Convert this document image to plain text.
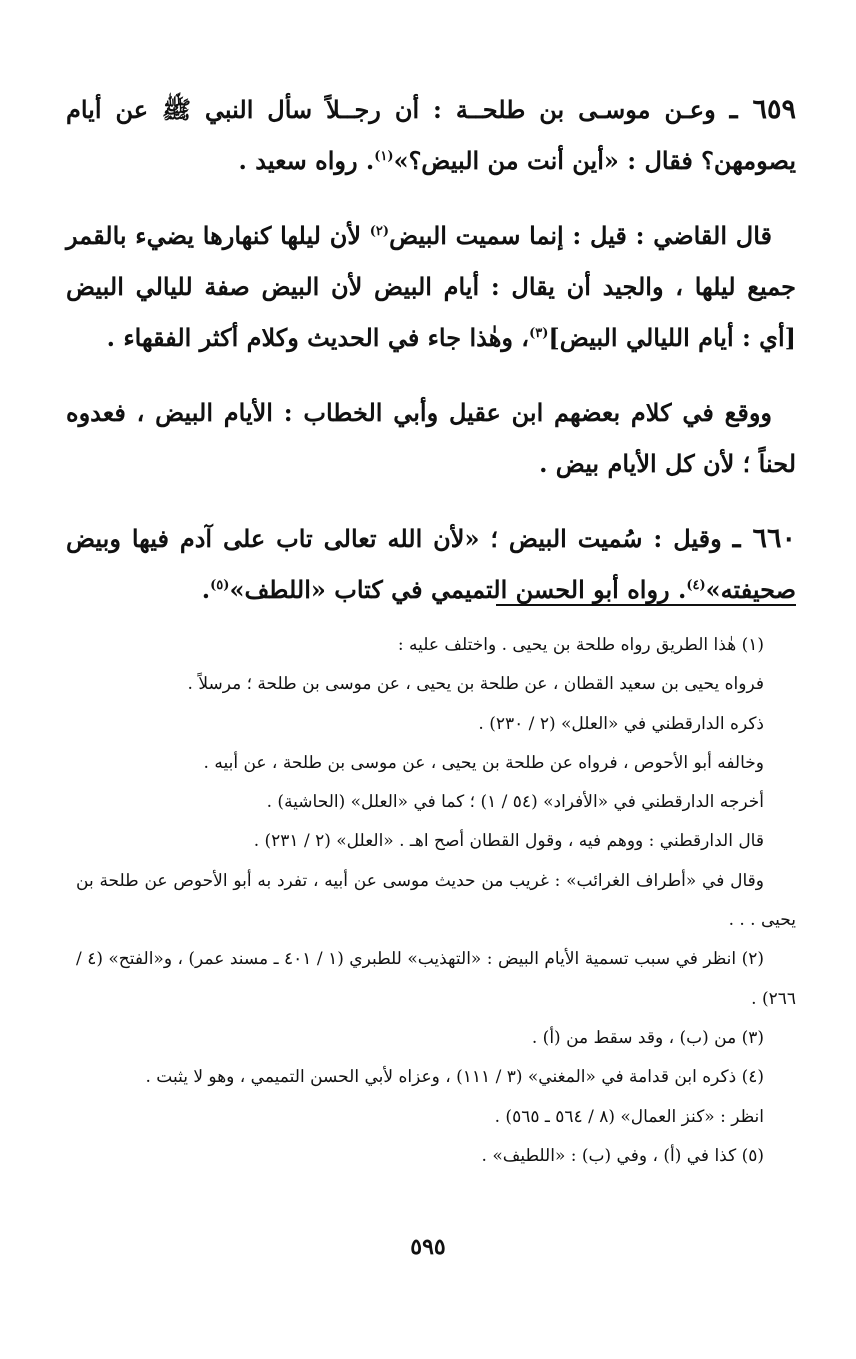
٦٥٩ ـ وعـن موسـى بن طلحــة : أن رجــلاً سأل النبي ﷺ عن أيام يصومهن؟ فقال : «أين أنت من البيض؟»$^{(١)}$. رواه سعيد .

قال القاضي : قيل : إنما سميت البيض$^{(٢)}$ لأن ليلها كنهارها يضيء بالقمر جميع ليلها ، والجيد أن يقال : أيام البيض لأن البيض صفة لليالي البيض [أي : أيام الليالي البيض]$^{(٣)}$، وهٰذا جاء في الحديث وكلام أكثر الفقهاء .

ووقع في كلام بعضهم ابن عقيل وأبي الخطاب : الأيام البيض ، فعدوه لحناً ؛ لأن كل الأيام بيض .

٦٦٠ ـ وقيل : سُميت البيض ؛ «لأن الله تعالى تاب على آدم فيها وبيض صحيفته»$^{(٤)}$. رواه أبو الحسن التميمي في كتاب «اللطف»$^{(٥)}$.

(١) هٰذا الطريق رواه طلحة بن يحيى . واختلف عليه :

فرواه يحيى بن سعيد القطان ، عن طلحة بن يحيى ، عن موسى بن طلحة ؛ مرسلاً .

ذكره الدارقطني في «العلل» (٢ / ٢٣٠) .

وخالفه أبو الأحوص ، فرواه عن طلحة بن يحيى ، عن موسى بن طلحة ، عن أبيه .

أخرجه الدارقطني في «الأفراد» (٥٤ / ١) ؛ كما في «العلل» (الحاشية) .

قال الدارقطني : ووهم فيه ، وقول القطان أصح اهـ . «العلل» (٢ / ٢٣١) .

وقال في «أطراف الغرائب» : غريب من حديث موسى عن أبيه ، تفرد به أبو الأحوص عن طلحة بن يحيى . . .

(٢) انظر في سبب تسمية الأيام البيض : «التهذيب» للطبري (١ / ٤٠١ ـ مسند عمر) ، و«الفتح» (٤ / ٢٦٦) .

(٣) من (ب) ، وقد سقط من (أ) .

(٤) ذكره ابن قدامة في «المغني» (٣ / ١١١) ، وعزاه لأبي الحسن التميمي ، وهو لا يثبت .

انظر : «كنز العمال» (٨ / ٥٦٤ ـ ٥٦٥) .

(٥) كذا في (أ) ، وفي (ب) : «اللطيف» .

٥٩٥
